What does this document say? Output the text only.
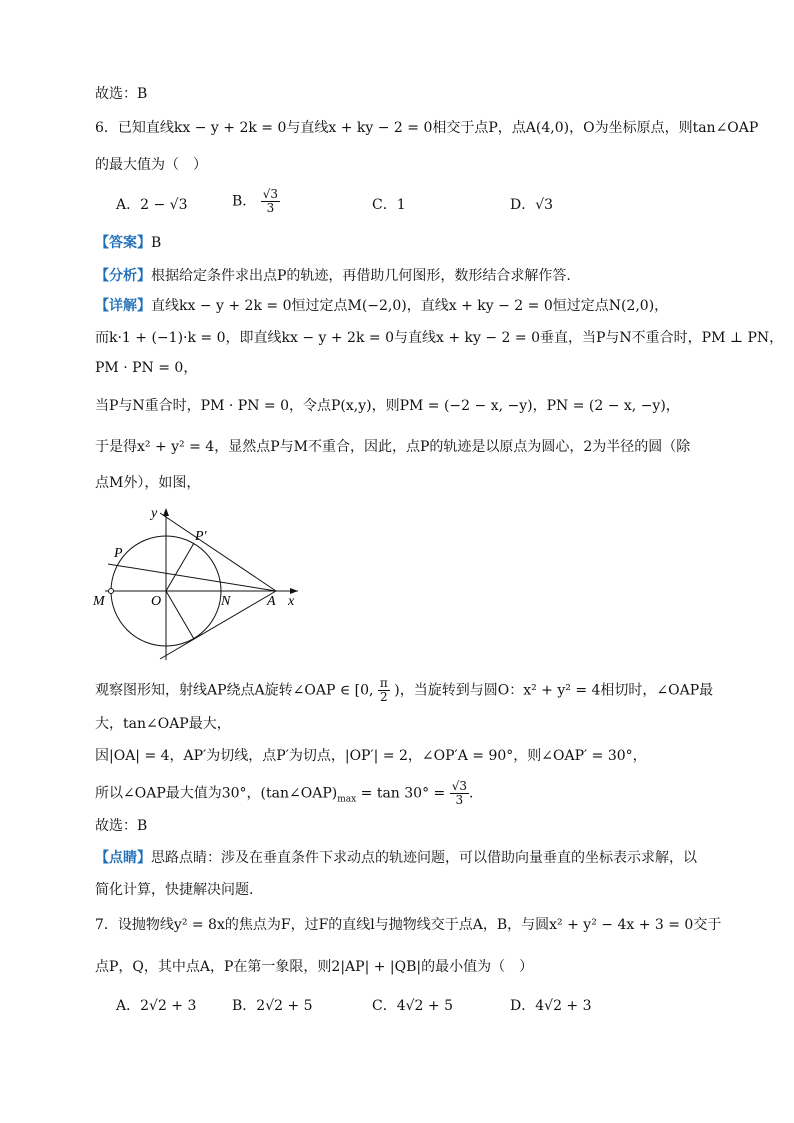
故选：B
6．已知直线kx − y + 2k = 0与直线x + ky − 2 = 0相交于点P，点A(4,0)，O为坐标原点，则tan∠OAP
的最大值为（　）
A．2 − √3	B． $\frac{√3}{3}$	C．1	D．√3
【答案】B
【分析】根据给定条件求出点P的轨迹，再借助几何图形，数形结合求解作答.
【详解】直线kx − y + 2k = 0恒过定点M(−2,0)，直线x + ky − 2 = 0恒过定点N(2,0)，
而k·1 + (−1)·k = 0，即直线kx − y + 2k = 0与直线x + ky − 2 = 0垂直，当P与N不重合时，PM ⊥ PN，
PM · PN = 0，
当P与N重合时，PM · PN = 0，令点P(x,y)，则PM = (−2 − x, −y)，PN = (2 − x, −y)，
于是得x² + y² = 4，显然点P与M不重合，因此，点P的轨迹是以原点为圆心，2为半径的圆（除
点M外），如图，
y
P
P′
M	O	N	A x
观察图形知，射线AP绕点A旋转∠OAP ∈ [0, $\frac{\pi}{2}$ )，当旋转到与圆O：x² + y² = 4相切时，∠OAP最
大，tan∠OAP最大，
因|OA| = 4，AP′为切线，点P′为切点，|OP′| = 2，∠OP′A = 90°，则∠OAP′ = 30°，
所以∠OAP最大值为30°，$(\tan\angle OAP)_{max} = \tan 30^\circ = \frac{√3}{3}$ .
故选：B
【点睛】思路点睛：涉及在垂直条件下求动点的轨迹问题，可以借助向量垂直的坐标表示求解，以
简化计算，快捷解决问题.
7．设抛物线y² = 8x的焦点为F，过F的直线l与抛物线交于点A，B，与圆x² + y² − 4x + 3 = 0交于
点P，Q，其中点A，P在第一象限，则2|AP| + |QB|的最小值为（　）
A．2√2 + 3	B．2√2 + 5	C．4√2 + 5	D．4√2 + 3
